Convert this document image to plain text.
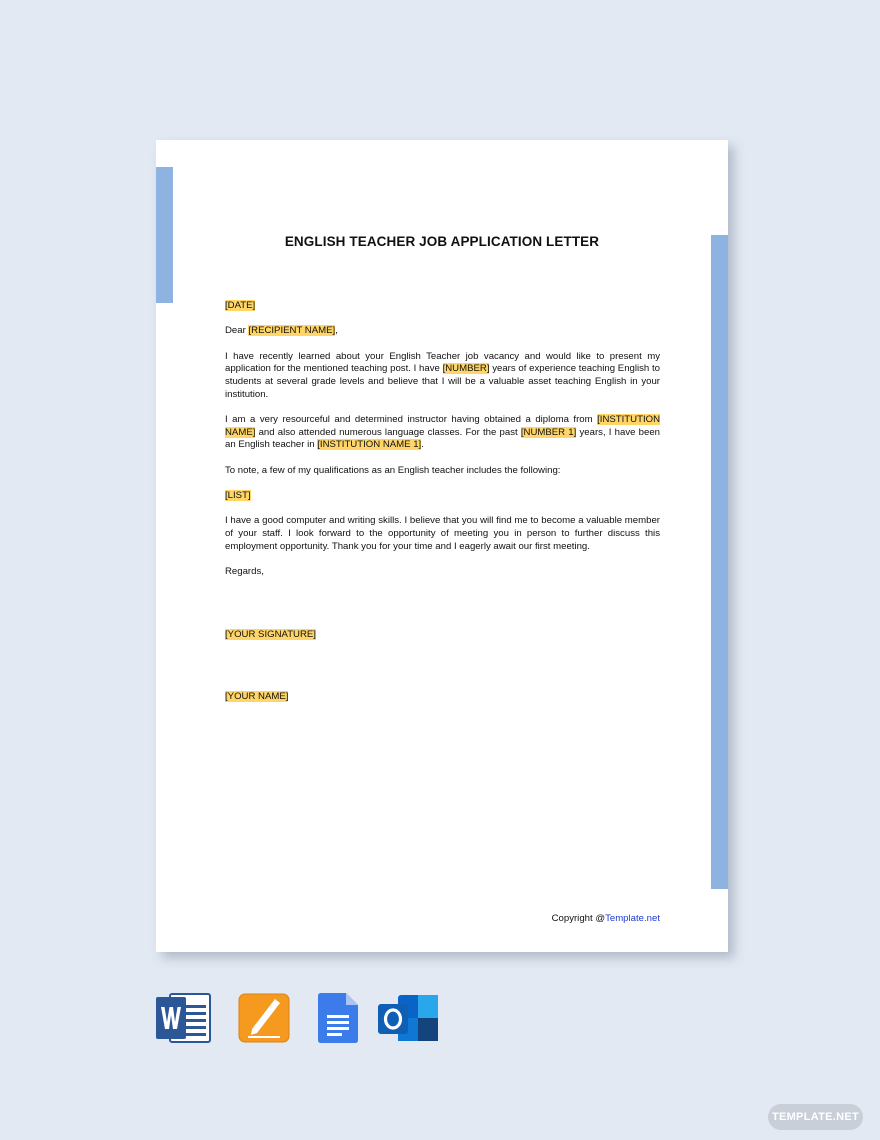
ENGLISH TEACHER JOB APPLICATION LETTER

[DATE]

Dear [RECIPIENT NAME],

I have recently learned about your English Teacher job vacancy and would like to present my application for the mentioned teaching post. I have [NUMBER] years of experience teaching English to students at several grade levels and believe that I will be a valuable asset teaching English in your institution.

I am a very resourceful and determined instructor having obtained a diploma from [INSTITUTION NAME] and also attended numerous language classes. For the past [NUMBER 1] years, I have been an English teacher in [INSTITUTION NAME 1].

To note, a few of my qualifications as an English teacher includes the following:

[LIST]

I have a good computer and writing skills. I believe that you will find me to become a valuable member of your staff. I look forward to the opportunity of meeting you in person to further discuss this employment opportunity. Thank you for your time and I eagerly await our first meeting.

Regards,

[YOUR SIGNATURE]

[YOUR NAME]

Copyright @Template.net
TEMPLATE.NET
